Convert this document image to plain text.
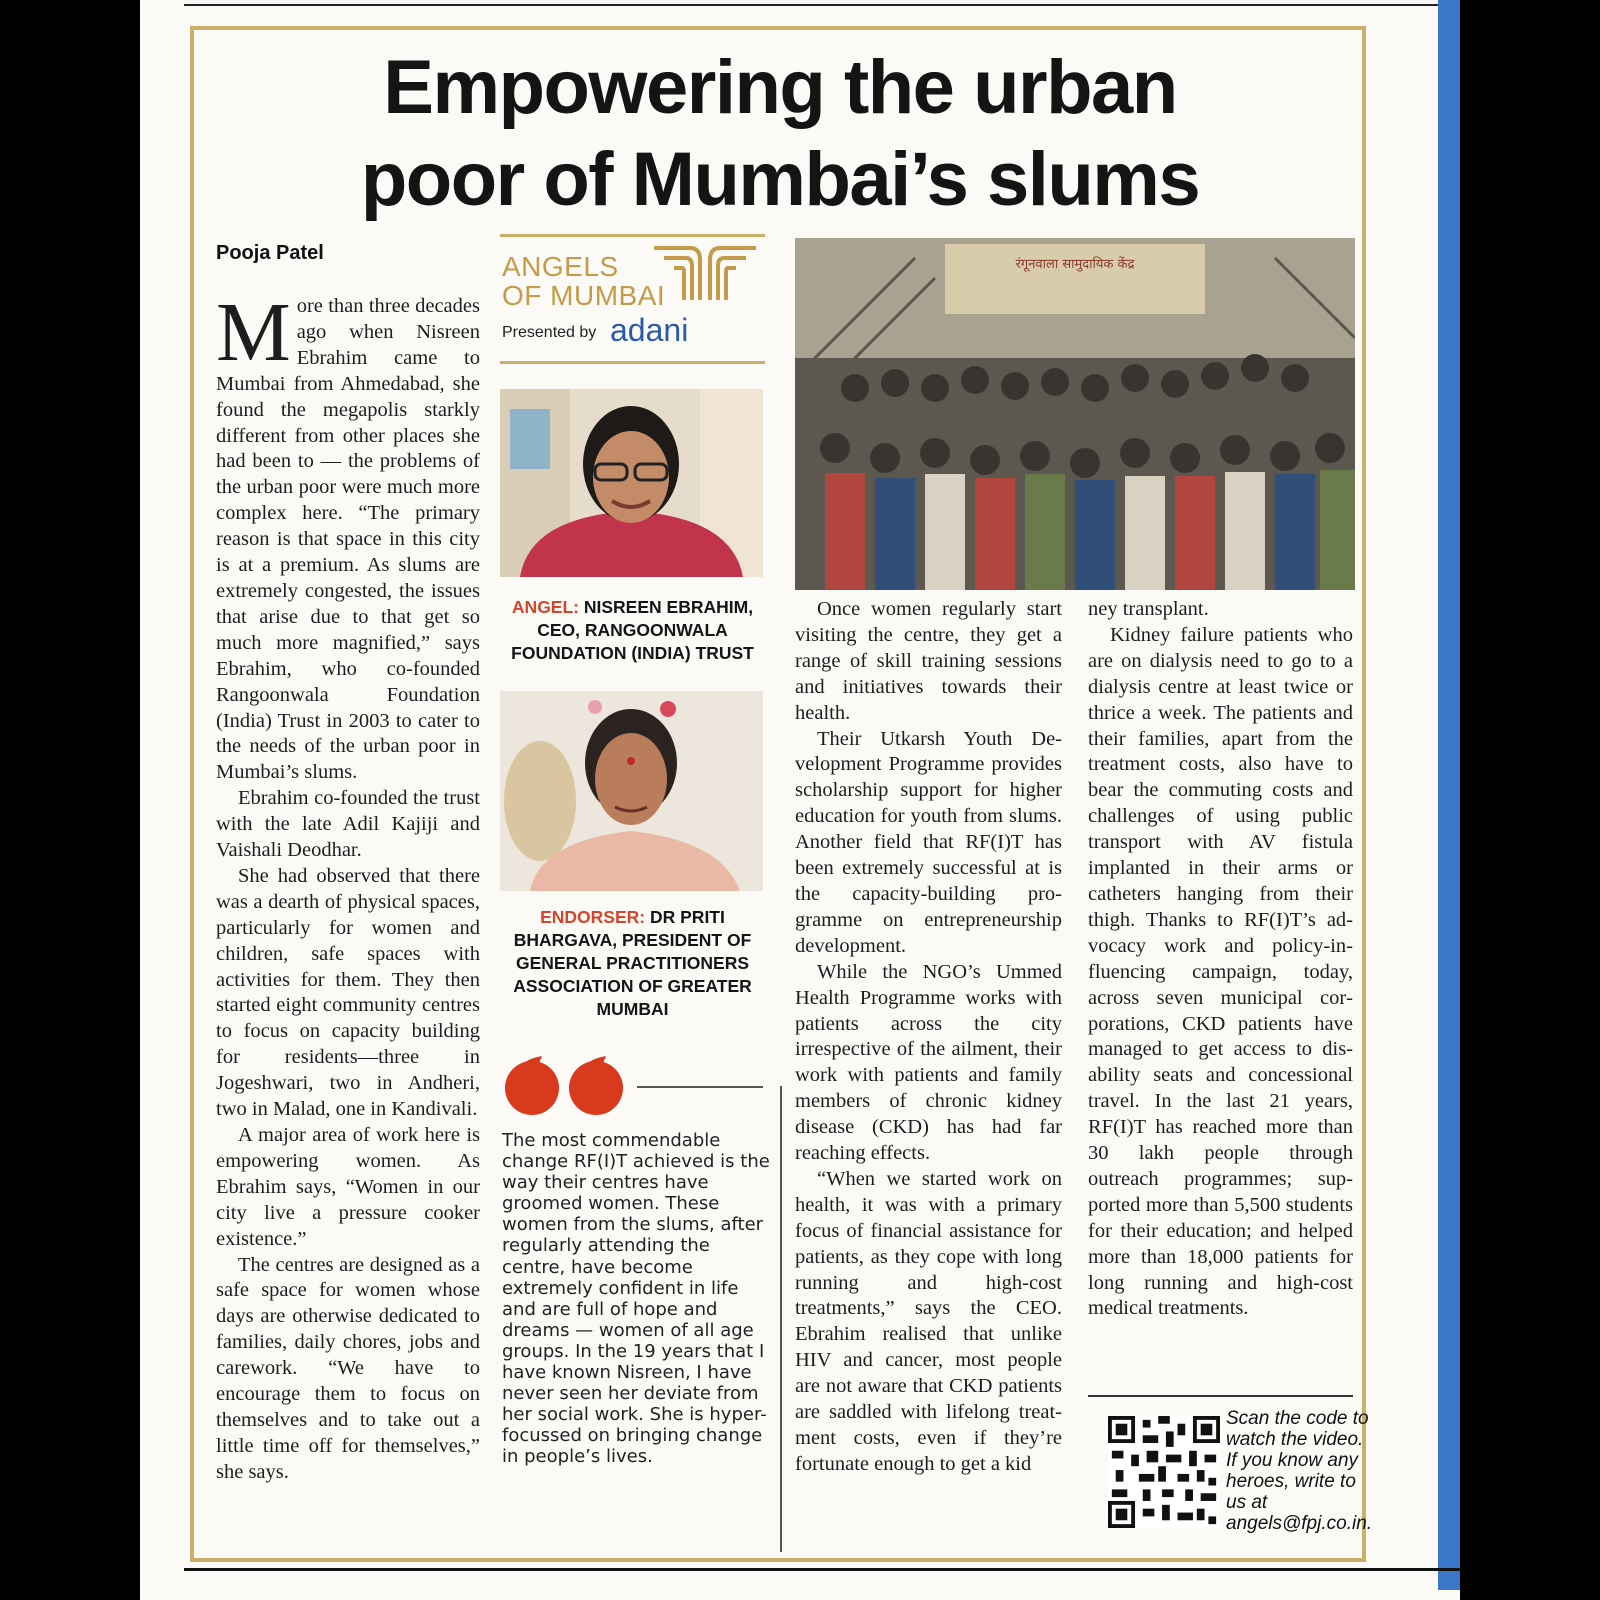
Empowering the urban
poor of Mumbai’s slums
Pooja Patel

More than three decades ago when Nisreen Ebrahim came to Mumbai from Ahmedabad, she found the megapolis starkly different from other places she had been to — the problems of the urban poor were much more complex here. “The primary reason is that space in this city is at a premium. As slums are extremely congested, the issues that arise due to that get so much more magnified,” says Ebrahim, who co-founded Rangoonwala Foundation (India) Trust in 2003 to cater to the needs of the urban poor in Mumbai’s slums.

Ebrahim co-founded the trust with the late Adil Kajiji and Vaishali Deodhar.

She had observed that there was a dearth of physical spaces, particularly for women and children, safe spaces with activities for them. They then started eight community centres to focus on capacity building for residents—three in Jogeshwari, two in Andheri, two in Malad, one in Kandivali.

A major area of work here is empowering women. As Ebrahim says, “Women in our city live a pressure cooker existence.”

The centres are designed as a safe space for women whose days are otherwise dedicated to families, daily chores, jobs and carework. “We have to encourage them to focus on themselves and to take out a little time off for themselves,” she says.

ANGELS
OF MUMBAI
Presented by adani
ANGEL: NISREEN EBRAHIM, CEO, RANGOONWALA FOUNDATION (INDIA) TRUST
ENDORSER: DR PRITI BHARGAVA, PRESIDENT OF GENERAL PRACTITIONERS ASSOCIATION OF GREATER MUMBAI
The most commendable change RF(I)T achieved is the way their centres have groomed women. These women from the slums, after regularly attending the centre, have become extremely confident in life and are full of hope and dreams — women of all age groups. In the 19 years that I have known Nisreen, I have never seen her deviate from her social work. She is hyper-focussed on bringing change in people’s lives.
रंगूनवाला सामुदायिक केंद्र

Once women regularly start visiting the centre, they get a range of skill training sessions and initiatives towards their health.

Their Utkarsh Youth Development Programme provides scholarship support for higher education for youth from slums. Another field that RF(I)T has been extremely successful at is the capacity-building programme on entrepreneurship development.

While the NGO’s Ummed Health Programme works with patients across the city irrespective of the ailment, their work with patients and family members of chronic kidney disease (CKD) has had far reaching effects.

“When we started work on health, it was with a primary focus of financial assistance for patients, as they cope with long running and high-cost treatments,” says the CEO. Ebrahim realised that unlike HIV and cancer, most people are not aware that CKD patients are saddled with lifelong treatment costs, even if they’re fortunate enough to get a kid

ney transplant.

Kidney failure patients who are on dialysis need to go to a dialysis centre at least twice or thrice a week. The patients and their families, apart from the treatment costs, also have to bear the commuting costs and challenges of using public transport with AV fistula implanted in their arms or catheters hanging from their thigh. Thanks to RF(I)T’s advocacy work and policy-influencing campaign, today, across seven municipal corporations, CKD patients have managed to get access to disability seats and concessional travel. In the last 21 years, RF(I)T has reached more than 30 lakh people through outreach programmes; supported more than 5,500 students for their education; and helped more than 18,000 patients for long running and high-cost medical treatments.

Scan the code to
watch the video.
If you know any
heroes, write to
us at
angels@fpj.co.in.
